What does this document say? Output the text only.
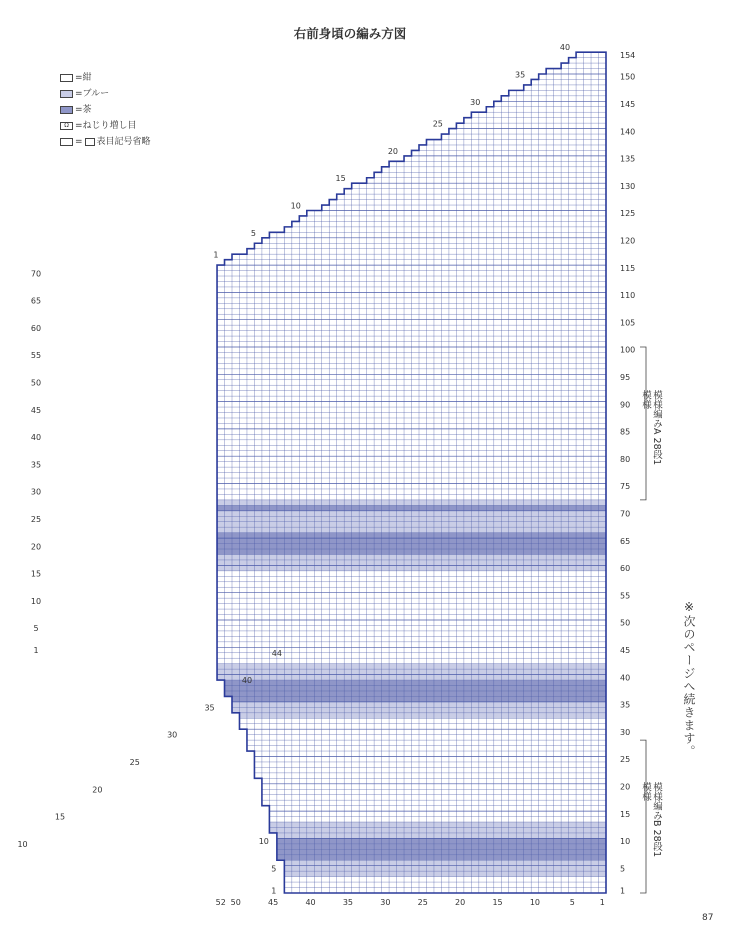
右前身頃の編み方図
=紺
=ブルー
=茶
Ω =ねじり増し目
= 表目記号省略
1
5
10
15
20
25
30
35
40
45
50
55
60
65
70
75
80
85
90
95
100
105
110
115
120
125
130
135
140
145
150
154
1
5
10
15
20
25
30
35
40
45
50
55
60
65
70
1
5
10
52 50	45	40	35	30	25	20	15	10	5	1
44
40
35
30
25
20
15
10
1
5
10
15
20
25
30
35
40
模様編みA 28段1模様
模様編みB 28段1模様
※次のページへ続きます。
87
